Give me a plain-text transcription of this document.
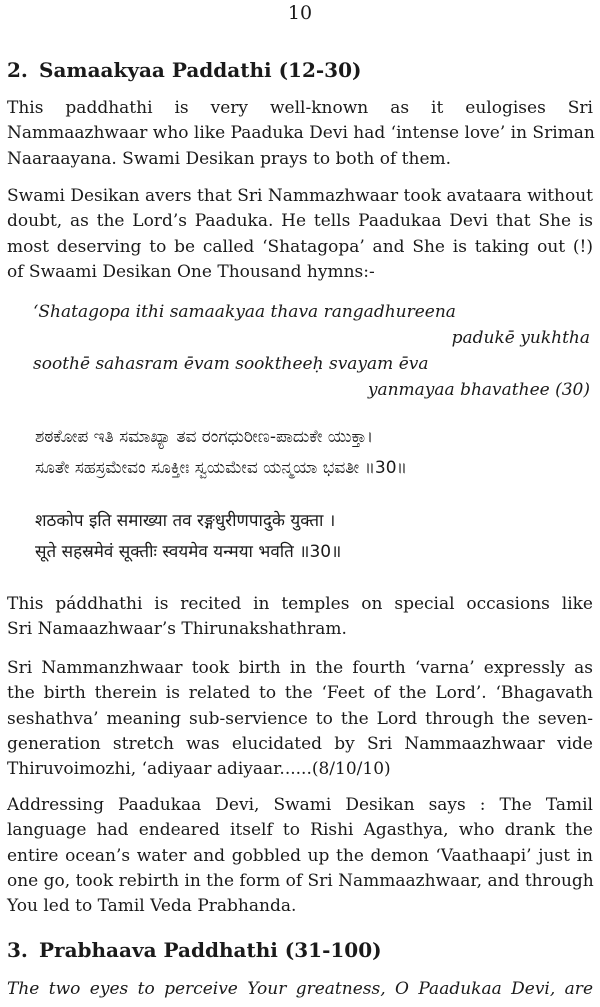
10
2. Samaakyaa Paddathi (12-30)
This paddhathi is very well-known as it eulogises Sri
Nammaazhwaar who like Paaduka Devi had ‘intense love’ in Sriman
Naaraayana. Swami Desikan prays to both of them.
Swami Desikan avers that Sri Nammazhwaar took avataara without
doubt, as the Lord’s Paaduka. He tells Paadukaa Devi that She is
most deserving to be called ‘Shatagopa’ and She is taking out (!)
of Swaami Desikan One Thousand hymns:-
‘Shatagopa ithi samaakyaa thava rangadhureena
padukē yukhtha
soothē sahasram ēvam sooktheeḥ svayam ēva
yanmayaa bhavathee (30)
ಶಠಕೋಪ ಇತಿ ಸಮಾಖ್ಯಾ ತವ ರಂಗಧುರೀಣ-ಪಾದುಕೇ ಯುಕ್ತಾ।
ಸೂತೇ ಸಹಸ್ರಮೇವಂ ಸೂಕ್ತೀಃ ಸ್ವಯಮೇವ ಯನ್ಮಯಾ ಭವತೀ ॥30॥
शठकोप इति समाख्या तव रङ्गधुरीणपादुके युक्ता ।
सूते सहस्रमेवं सूक्तीः स्वयमेव यन्मया भवति ॥30॥
This páddhathi is recited in temples on special occasions like
Sri Namaazhwaar’s Thirunakshathram.
Sri Nammanzhwaar took birth in the fourth ‘varna’ expressly as
the birth therein is related to the ‘Feet of the Lord’. ‘Bhagavath
seshathva’ meaning sub-servience to the Lord through the seven-
generation stretch was elucidated by Sri Nammaazhwaar vide
Thiruvoimozhi, ‘adiyaar adiyaar......(8/10/10)
Addressing Paadukaa Devi, Swami Desikan says : The Tamil
language had endeared itself to Rishi Agasthya, who drank the
entire ocean’s water and gobbled up the demon ‘Vaathaapi’ just in
one go, took rebirth in the form of Sri Nammaazhwaar, and through
You led to Tamil Veda Prabhanda.
3. Prabhaava Paddhathi (31-100)
The two eyes to perceive Your greatness, O Paadukaa Devi, are
